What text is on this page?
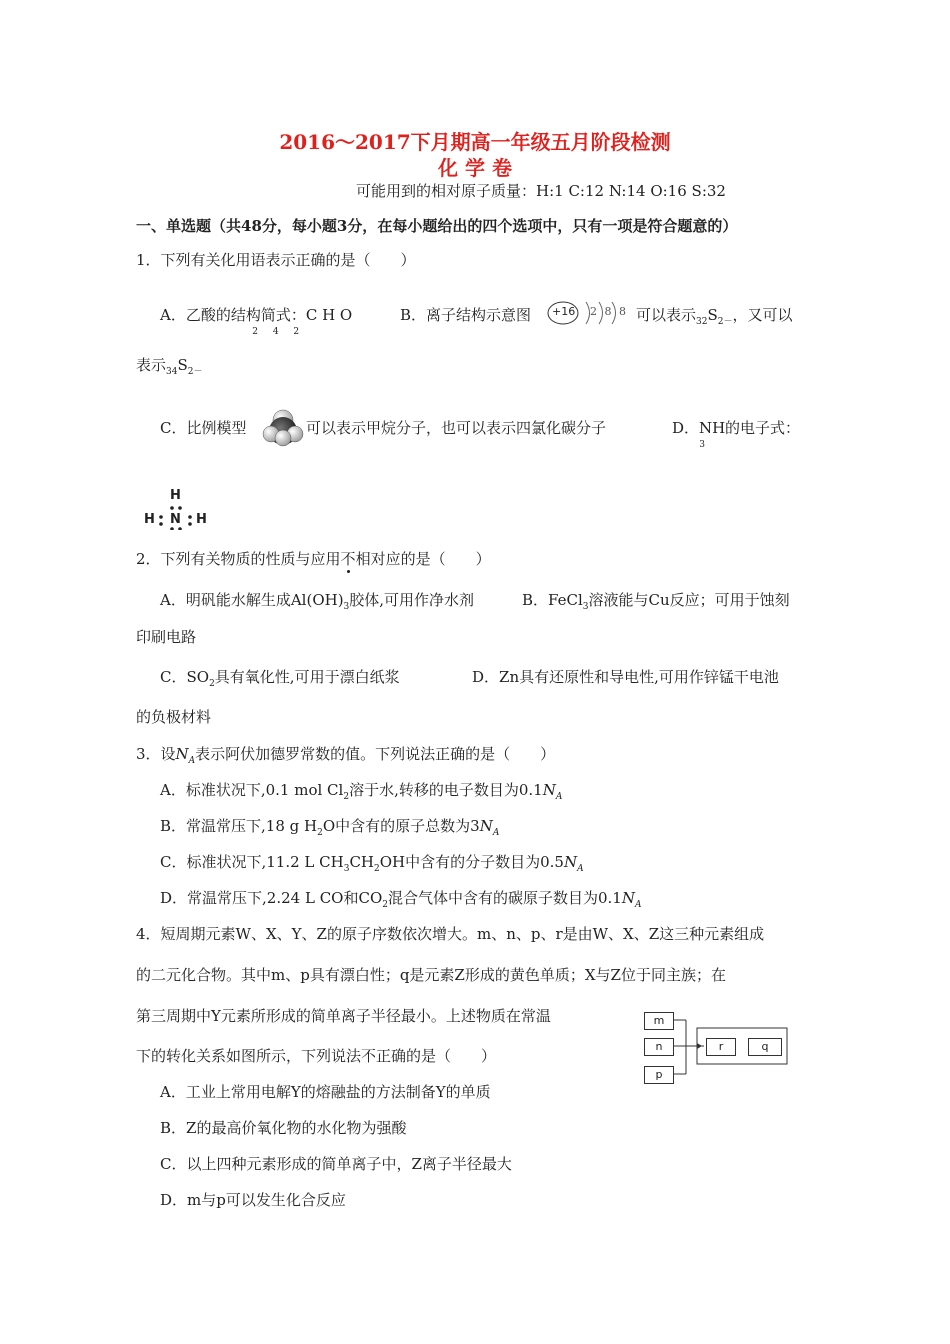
2016～2017下月期高一年级五月阶段检测
化 学 卷
可能用到的相对原子质量：H:1 C:12 N:14 O:16 S:32
一、单选题（共48分，每小题3分，在每小题给出的四个选项中，只有一项是符合题意的）
1．下列有关化用语表示正确的是（　　）
A．乙酸的结构简式：C H $O_{2 4 2}$
B．离子结构示意图 +16 2 8 8 可以表示$_{32}S_{2-}$，又可以
表示$_{34}S_{2-}$
C．比例模型	可以表示甲烷分子，也可以表示四氯化碳分子	D．$NH_3$的电子式：
H
H N H
2．下列有关物质的性质与应用不相对应的是（　　）
A．明矾能水解生成$Al(OH)_3$胶体,可用作净水剂	B．FeCl$_3$溶液能与Cu反应；可用于蚀刻
印刷电路
C．$SO_2$具有氧化性,可用于漂白纸浆	D．Zn具有还原性和导电性,可用作锌锰干电池
的负极材料
3．设$N_A$表示阿伏加德罗常数的值。下列说法正确的是（　　）
A．标准状况下,0.1 mol $Cl_2$溶于水,转移的电子数目为$0.1N_A$
B．常温常压下,18 g $H_2O$中含有的原子总数为$3N_A$
C．标准状况下,11.2 L $CH_3CH_2OH$中含有的分子数目为$0.5N_A$
D．常温常压下,2.24 L CO和$CO_2$混合气体中含有的碳原子数目为$0.1N_A$
4．短周期元素W、X、Y、Z的原子序数依次增大。m、n、p、r是由W、X、Z这三种元素组成
的二元化合物。其中m、p具有漂白性；q是元素Z形成的黄色单质；X与Z位于同主族；在
第三周期中Y元素所形成的简单离子半径最小。上述物质在常温
下的转化关系如图所示，下列说法不正确的是（　　）
m
n
p
r	q
A．工业上常用电解Y的熔融盐的方法制备Y的单质
B．Z的最高价氧化物的水化物为强酸
C．以上四种元素形成的简单离子中，Z离子半径最大
D．m与p可以发生化合反应
